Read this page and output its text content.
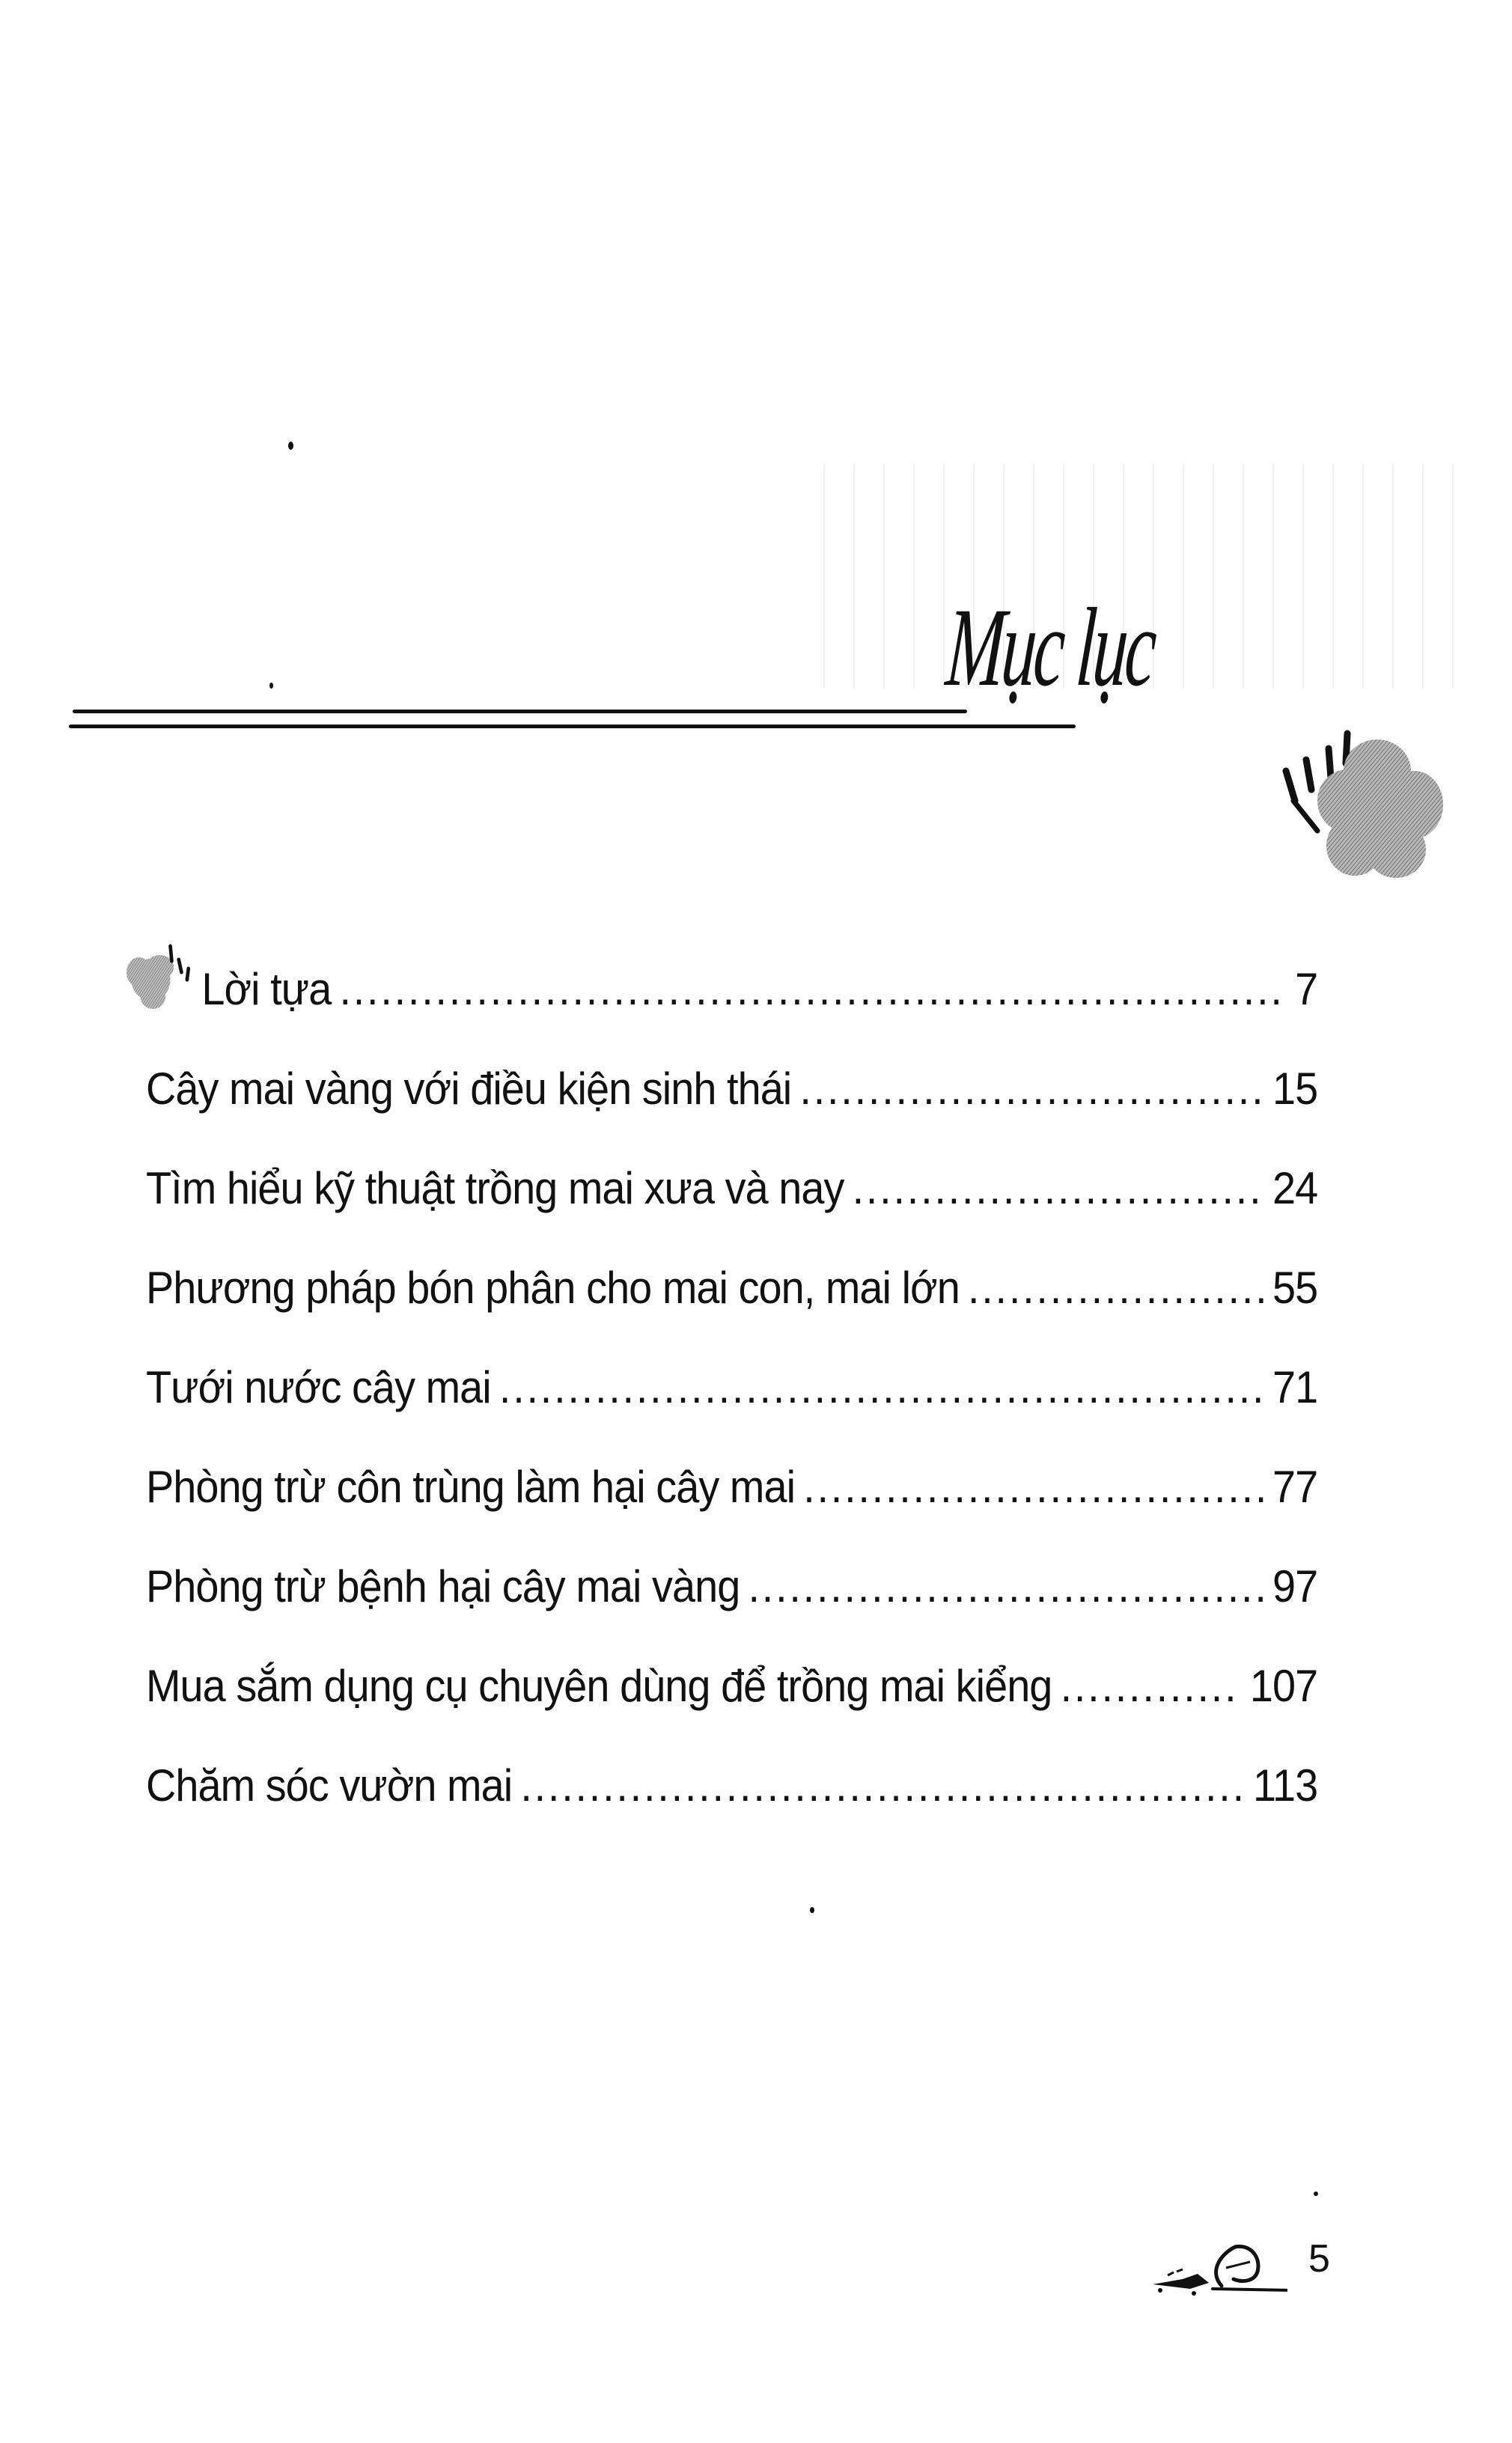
Mục lục
Lời tựa .....	7
Cây mai vàng với điều kiện sinh thái .....	15
Tìm hiểu kỹ thuật trồng mai xưa và nay .....	24
Phương pháp bón phân cho mai con, mai lớn .....	55
Tưới nước cây mai .....	71
Phòng trừ côn trùng làm hại cây mai .....	77
Phòng trừ bệnh hại cây mai vàng .....	97
Mua sắm dụng cụ chuyên dùng để trồng mai kiểng .....	107
Chăm sóc vườn mai .....	113
5
